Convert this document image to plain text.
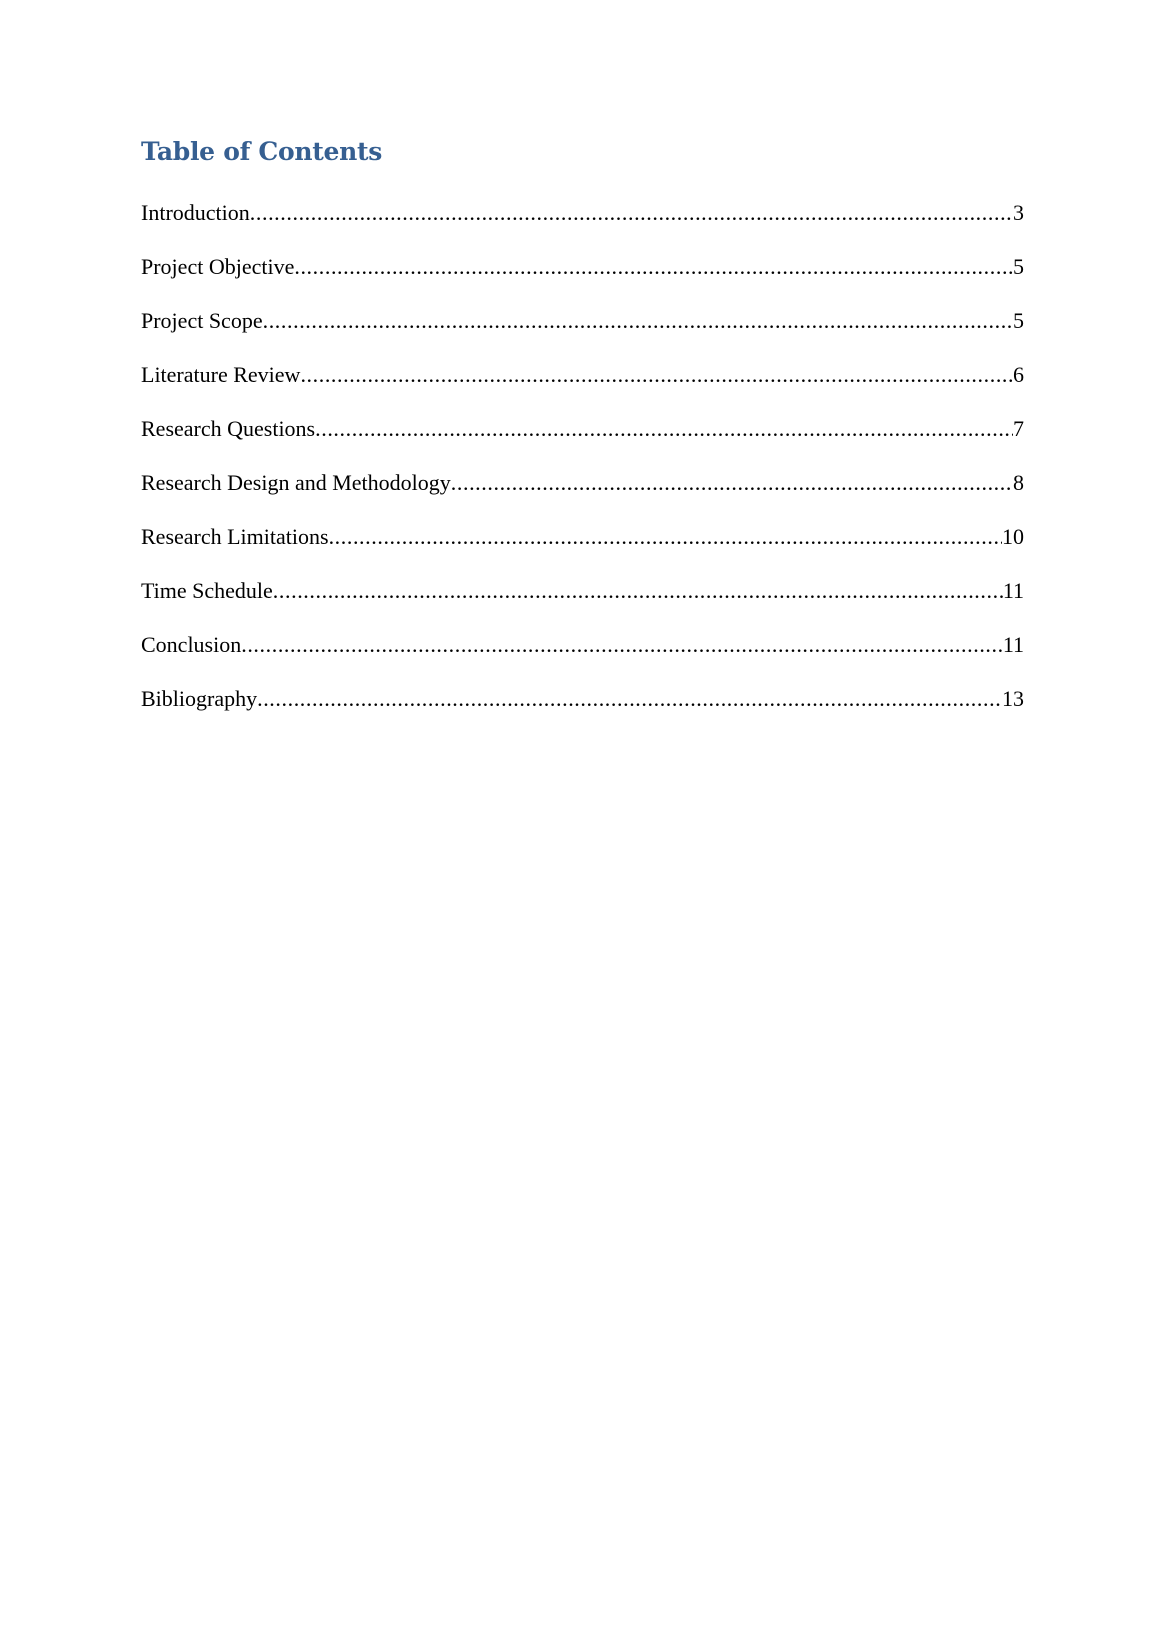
Table of Contents
Introduction .....	3
Project Objective .....	5
Project Scope .....	5
Literature Review .....	6
Research Questions .....	7
Research Design and Methodology .....	8
Research Limitations .....	10
Time Schedule .....	11
Conclusion .....	11
Bibliography .....	13
